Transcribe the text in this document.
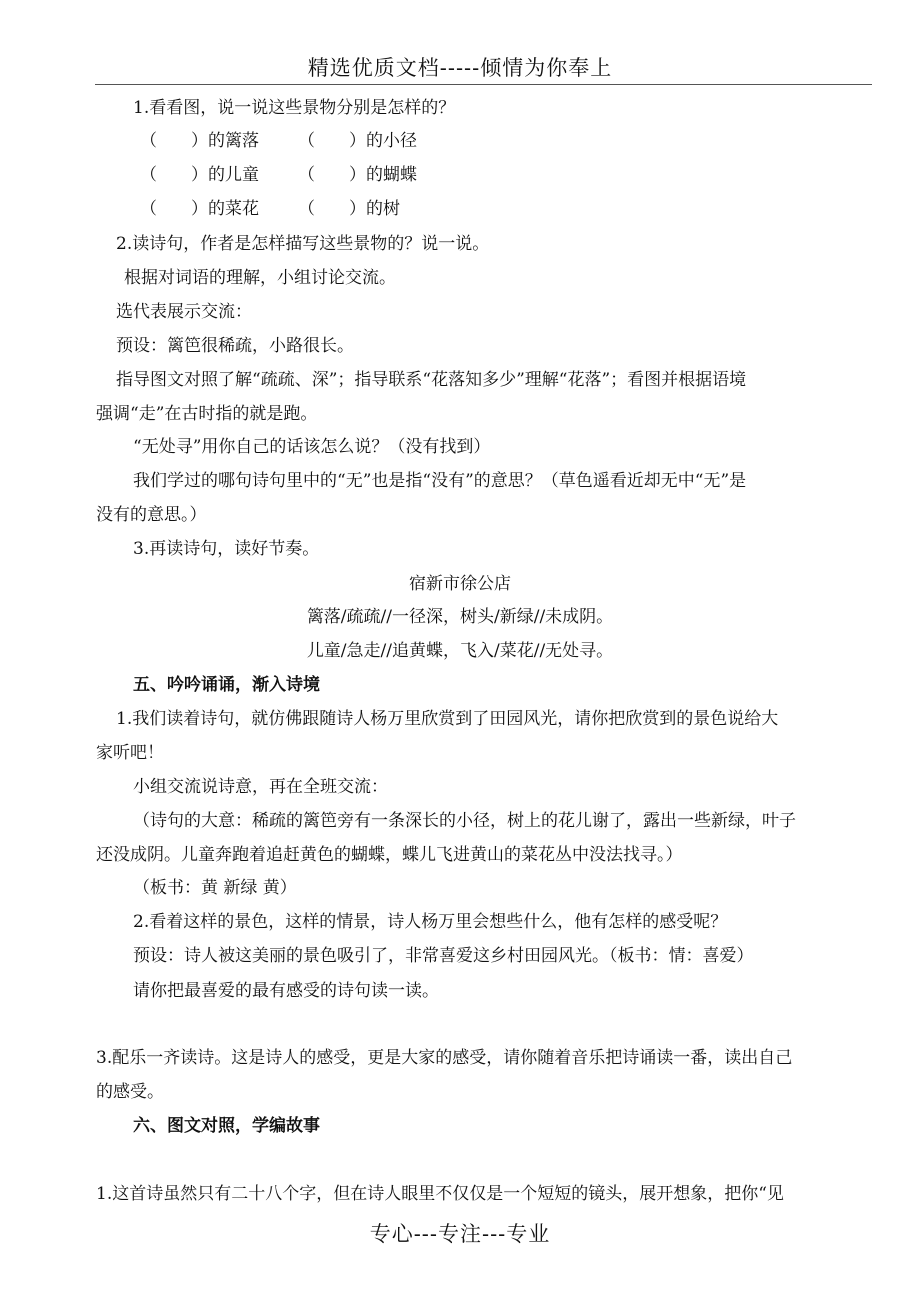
精选优质文档-----倾情为你奉上
1.看看图，说一说这些景物分别是怎样的？
（　　）的篱落 （　　）的小径
（　　）的儿童 （　　）的蝴蝶
（　　）的菜花 （　　）的树
2.读诗句，作者是怎样描写这些景物的？说一说。
根据对词语的理解，小组讨论交流。
选代表展示交流：
预设：篱笆很稀疏，小路很长。
指导图文对照了解“疏疏、深”；指导联系“花落知多少”理解“花落”；看图并根据语境
强调“走”在古时指的就是跑。
“无处寻”用你自己的话该怎么说？（没有找到）
我们学过的哪句诗句里中的“无”也是指“没有”的意思？（草色遥看近却无中“无”是
没有的意思。）
3.再读诗句，读好节奏。
宿新市徐公店
篱落/疏疏//一径深，树头/新绿//未成阴。
儿童/急走//追黄蝶，飞入/菜花//无处寻。
五、吟吟诵诵，渐入诗境
1.我们读着诗句，就仿佛跟随诗人杨万里欣赏到了田园风光，请你把欣赏到的景色说给大
家听吧！
小组交流说诗意，再在全班交流：
（诗句的大意：稀疏的篱笆旁有一条深长的小径，树上的花儿谢了，露出一些新绿，叶子
还没成阴。儿童奔跑着追赶黄色的蝴蝶，蝶儿飞进黄山的菜花丛中没法找寻。）
（板书：黄 新绿 黄）
2.看着这样的景色，这样的情景，诗人杨万里会想些什么，他有怎样的感受呢？
预设：诗人被这美丽的景色吸引了，非常喜爱这乡村田园风光。（板书：情：喜爱）
请你把最喜爱的最有感受的诗句读一读。
3.配乐一齐读诗。这是诗人的感受，更是大家的感受，请你随着音乐把诗诵读一番，读出自己
的感受。
六、图文对照，学编故事
1.这首诗虽然只有二十八个字，但在诗人眼里不仅仅是一个短短的镜头，展开想象，把你“见
专心---专注---专业
